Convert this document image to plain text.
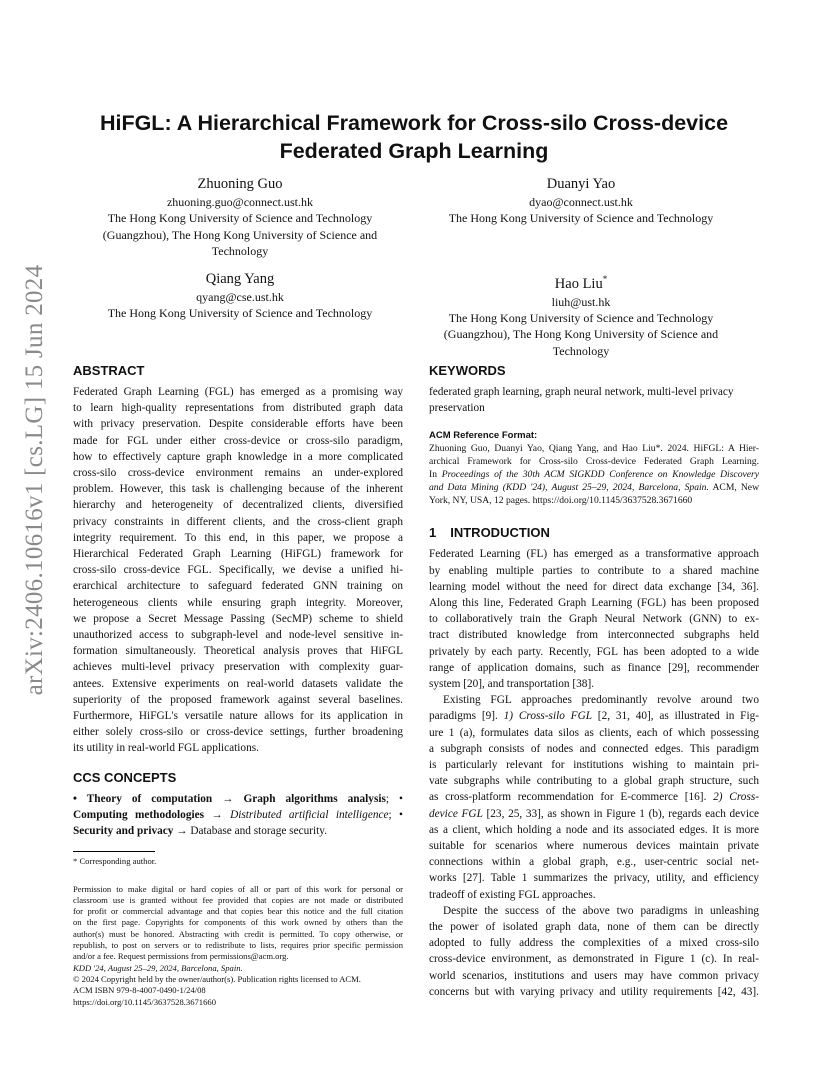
arXiv:2406.10616v1 [cs.LG] 15 Jun 2024
HiFGL: A Hierarchical Framework for Cross-silo Cross-device
Federated Graph Learning
Zhuoning Guo
zhuoning.guo@connect.ust.hk
The Hong Kong University of Science and Technology
(Guangzhou), The Hong Kong University of Science and
Technology
Duanyi Yao
dyao@connect.ust.hk
The Hong Kong University of Science and Technology
Qiang Yang
qyang@cse.ust.hk
The Hong Kong University of Science and Technology
Hao Liu*
liuh@ust.hk
The Hong Kong University of Science and Technology
(Guangzhou), The Hong Kong University of Science and
Technology
ABSTRACT
Federated Graph Learning (FGL) has emerged as a promising way
to learn high-quality representations from distributed graph data
with privacy preservation. Despite considerable efforts have been
made for FGL under either cross-device or cross-silo paradigm,
how to effectively capture graph knowledge in a more complicated
cross-silo cross-device environment remains an under-explored
problem. However, this task is challenging because of the inherent
hierarchy and heterogeneity of decentralized clients, diversified
privacy constraints in different clients, and the cross-client graph
integrity requirement. To this end, in this paper, we propose a
Hierarchical Federated Graph Learning (HiFGL) framework for
cross-silo cross-device FGL. Specifically, we devise a unified hi-
erarchical architecture to safeguard federated GNN training on
heterogeneous clients while ensuring graph integrity. Moreover,
we propose a Secret Message Passing (SecMP) scheme to shield
unauthorized access to subgraph-level and node-level sensitive in-
formation simultaneously. Theoretical analysis proves that HiFGL
achieves multi-level privacy preservation with complexity guar-
antees. Extensive experiments on real-world datasets validate the
superiority of the proposed framework against several baselines.
Furthermore, HiFGL's versatile nature allows for its application in
either solely cross-silo or cross-device settings, further broadening
its utility in real-world FGL applications.
CCS CONCEPTS
• Theory of computation → Graph algorithms analysis; •
Computing methodologies → Distributed artificial intelligence; •
Security and privacy → Database and storage security.
* Corresponding author.
Permission to make digital or hard copies of all or part of this work for personal or
classroom use is granted without fee provided that copies are not made or distributed
for profit or commercial advantage and that copies bear this notice and the full citation
on the first page. Copyrights for components of this work owned by others than the
author(s) must be honored. Abstracting with credit is permitted. To copy otherwise, or
republish, to post on servers or to redistribute to lists, requires prior specific permission
and/or a fee. Request permissions from permissions@acm.org.
KDD '24, August 25–29, 2024, Barcelona, Spain.
© 2024 Copyright held by the owner/author(s). Publication rights licensed to ACM.
ACM ISBN 979-8-4007-0490-1/24/08
https://doi.org/10.1145/3637528.3671660
KEYWORDS
federated graph learning, graph neural network, multi-level privacy
preservation
ACM Reference Format:
Zhuoning Guo, Duanyi Yao, Qiang Yang, and Hao Liu*. 2024. HiFGL: A Hier-
archical Framework for Cross-silo Cross-device Federated Graph Learning.
In Proceedings of the 30th ACM SIGKDD Conference on Knowledge Discovery
and Data Mining (KDD '24), August 25–29, 2024, Barcelona, Spain. ACM, New
York, NY, USA, 12 pages. https://doi.org/10.1145/3637528.3671660
1 INTRODUCTION
Federated Learning (FL) has emerged as a transformative approach
by enabling multiple parties to contribute to a shared machine
learning model without the need for direct data exchange [34, 36].
Along this line, Federated Graph Learning (FGL) has been proposed
to collaboratively train the Graph Neural Network (GNN) to ex-
tract distributed knowledge from interconnected subgraphs held
privately by each party. Recently, FGL has been adopted to a wide
range of application domains, such as finance [29], recommender
system [20], and transportation [38].
Existing FGL approaches predominantly revolve around two
paradigms [9]. 1) Cross-silo FGL [2, 31, 40], as illustrated in Fig-
ure 1 (a), formulates data silos as clients, each of which possessing
a subgraph consists of nodes and connected edges. This paradigm
is particularly relevant for institutions wishing to maintain pri-
vate subgraphs while contributing to a global graph structure, such
as cross-platform recommendation for E-commerce [16]. 2) Cross-
device FGL [23, 25, 33], as shown in Figure 1 (b), regards each device
as a client, which holding a node and its associated edges. It is more
suitable for scenarios where numerous devices maintain private
connections within a global graph, e.g., user-centric social net-
works [27]. Table 1 summarizes the privacy, utility, and efficiency
tradeoff of existing FGL approaches.
Despite the success of the above two paradigms in unleashing
the power of isolated graph data, none of them can be directly
adopted to fully address the complexities of a mixed cross-silo
cross-device environment, as demonstrated in Figure 1 (c). In real-
world scenarios, institutions and users may have common privacy
concerns but with varying privacy and utility requirements [42, 43].
